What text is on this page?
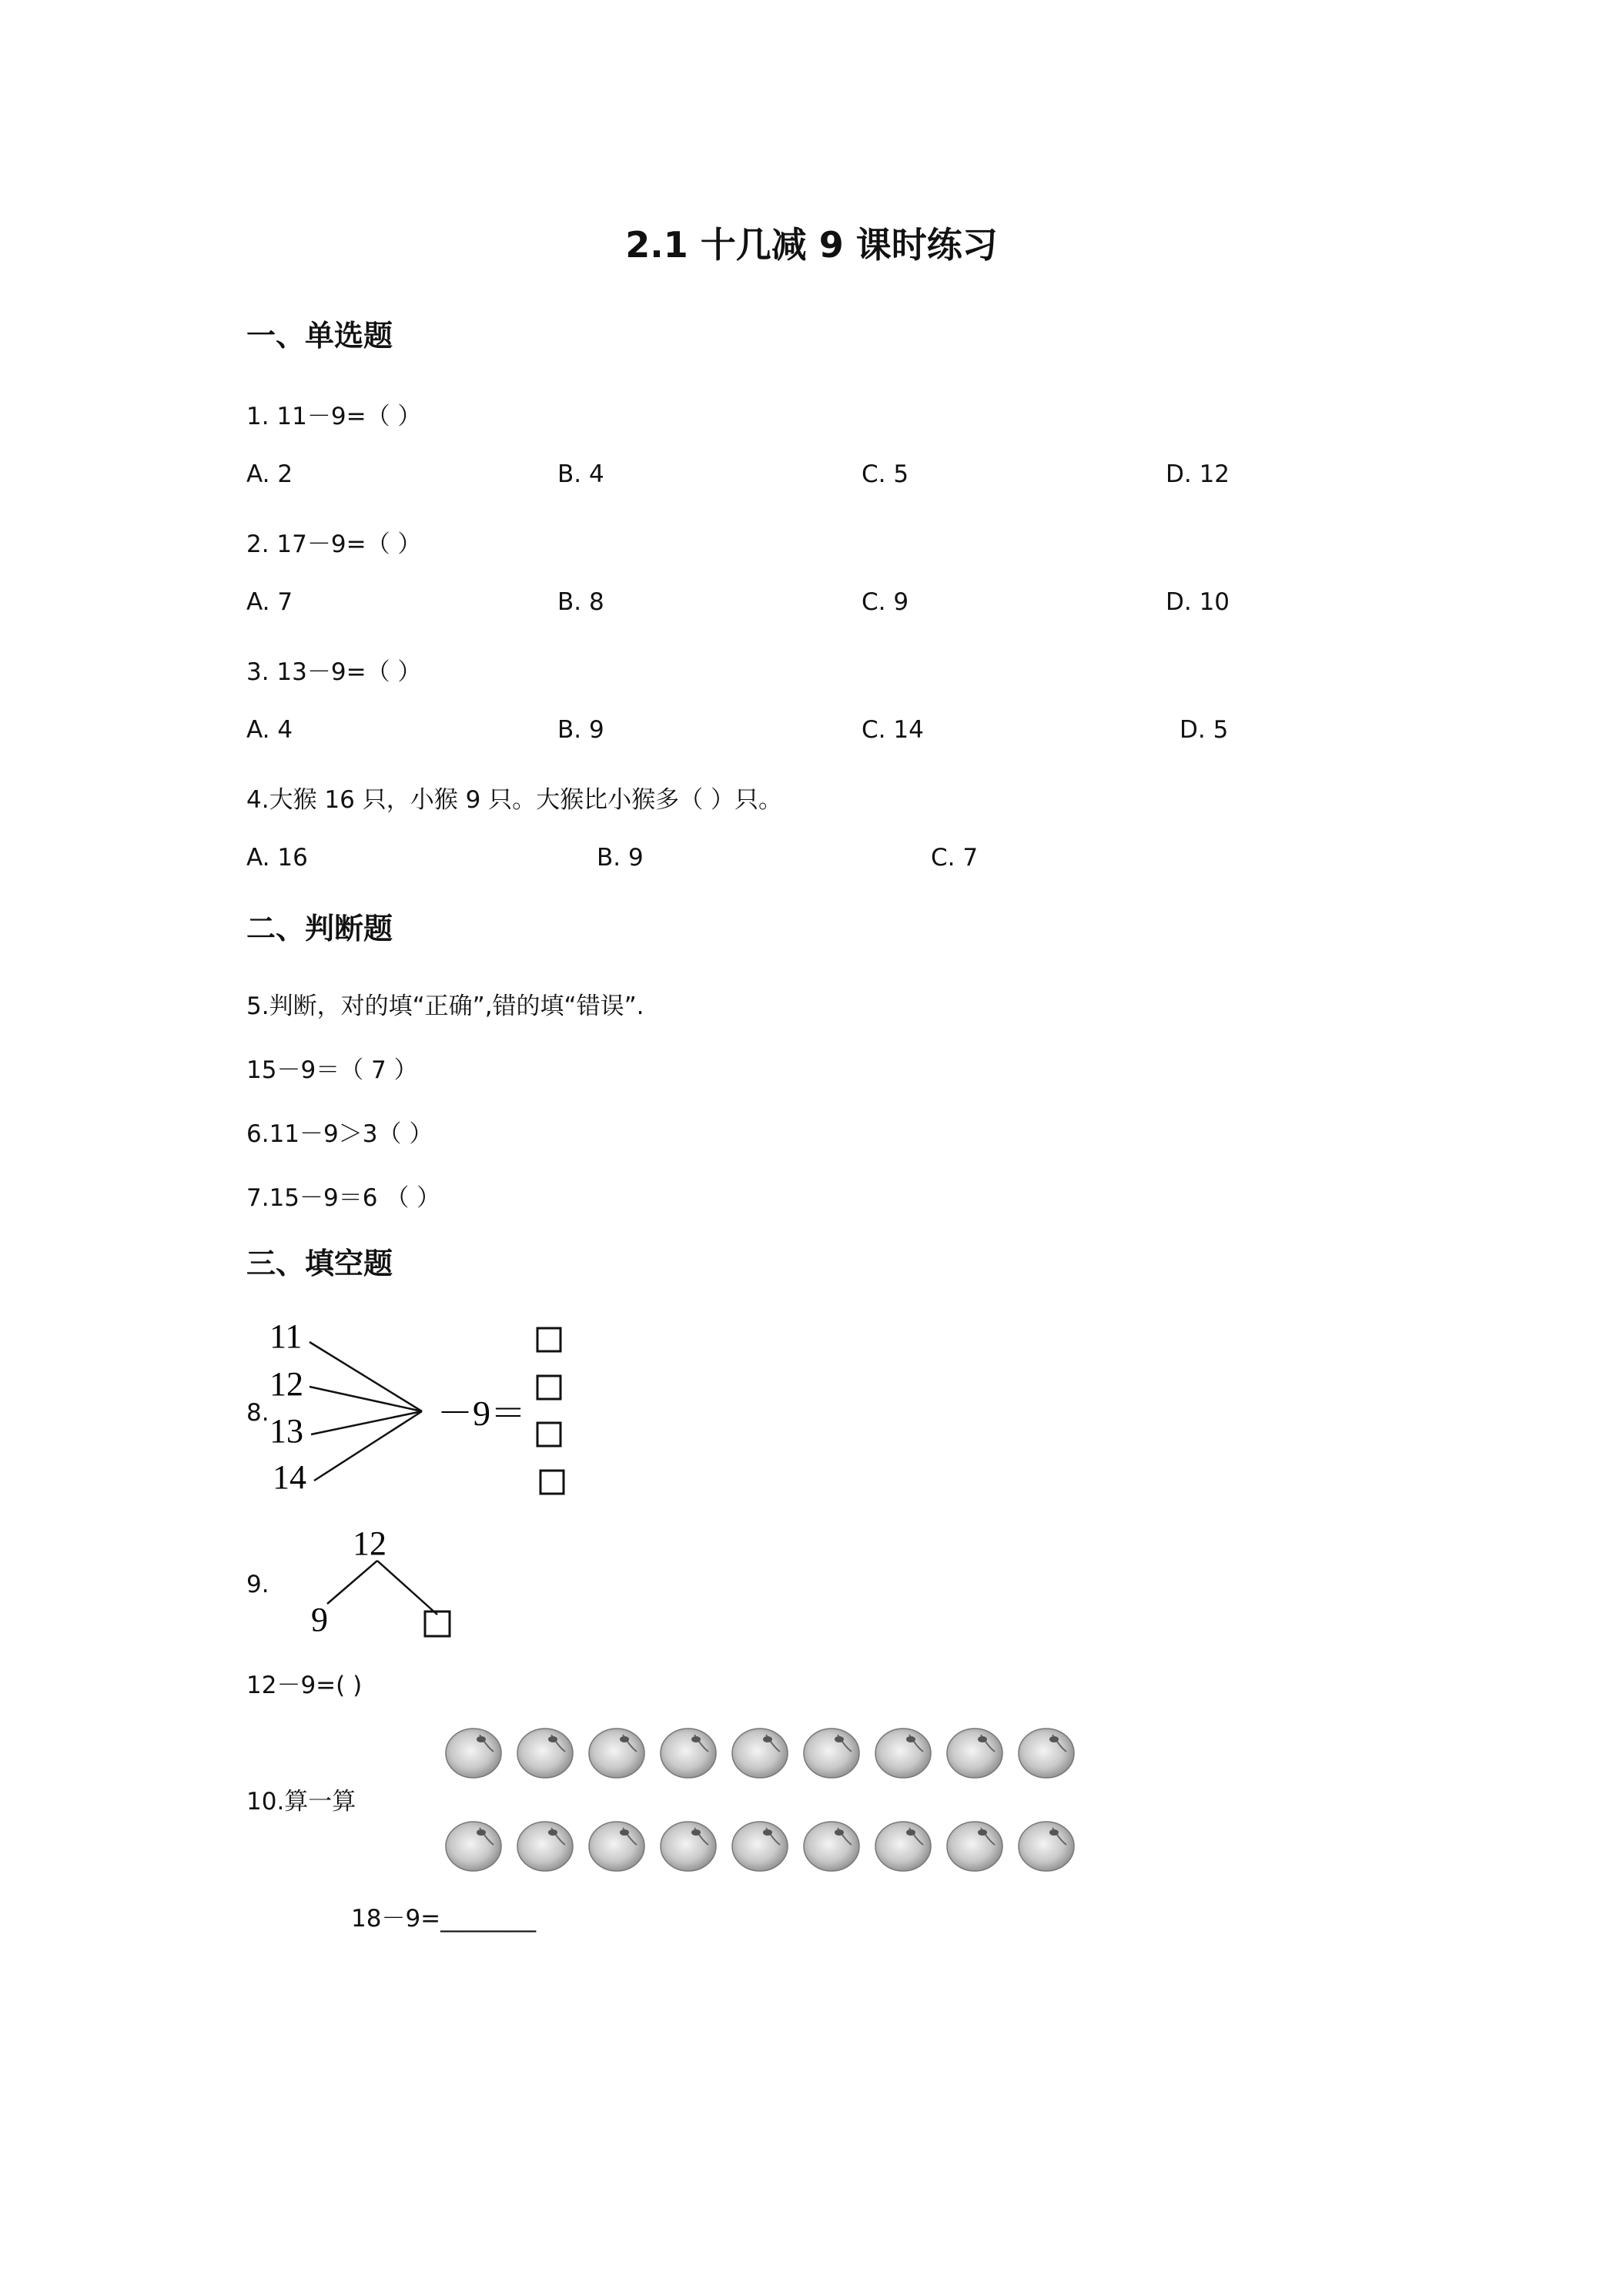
2.1 十几减 9 课时练习
一、单选题
1. 11－9=（ ）
A. 2	B. 4	C. 5	D. 12
2. 17－9=（ ）
A. 7	B. 8	C. 9	D. 10
3. 13－9=（ ）
A. 4	B. 9	C. 14	D. 5
4.大猴 16 只，小猴 9 只。大猴比小猴多（ ）只。
A. 16	B. 9	C. 7
二、判断题
5.判断，对的填“正确”,错的填“错误”.
15－9＝（ 7 ）
6.11－9＞3（ ）
7.15－9＝6 （ ）
三、填空题
8.
11
12
13
14
－9＝
9.
12
9
12－9=( )
10.算一算
18－9=________
